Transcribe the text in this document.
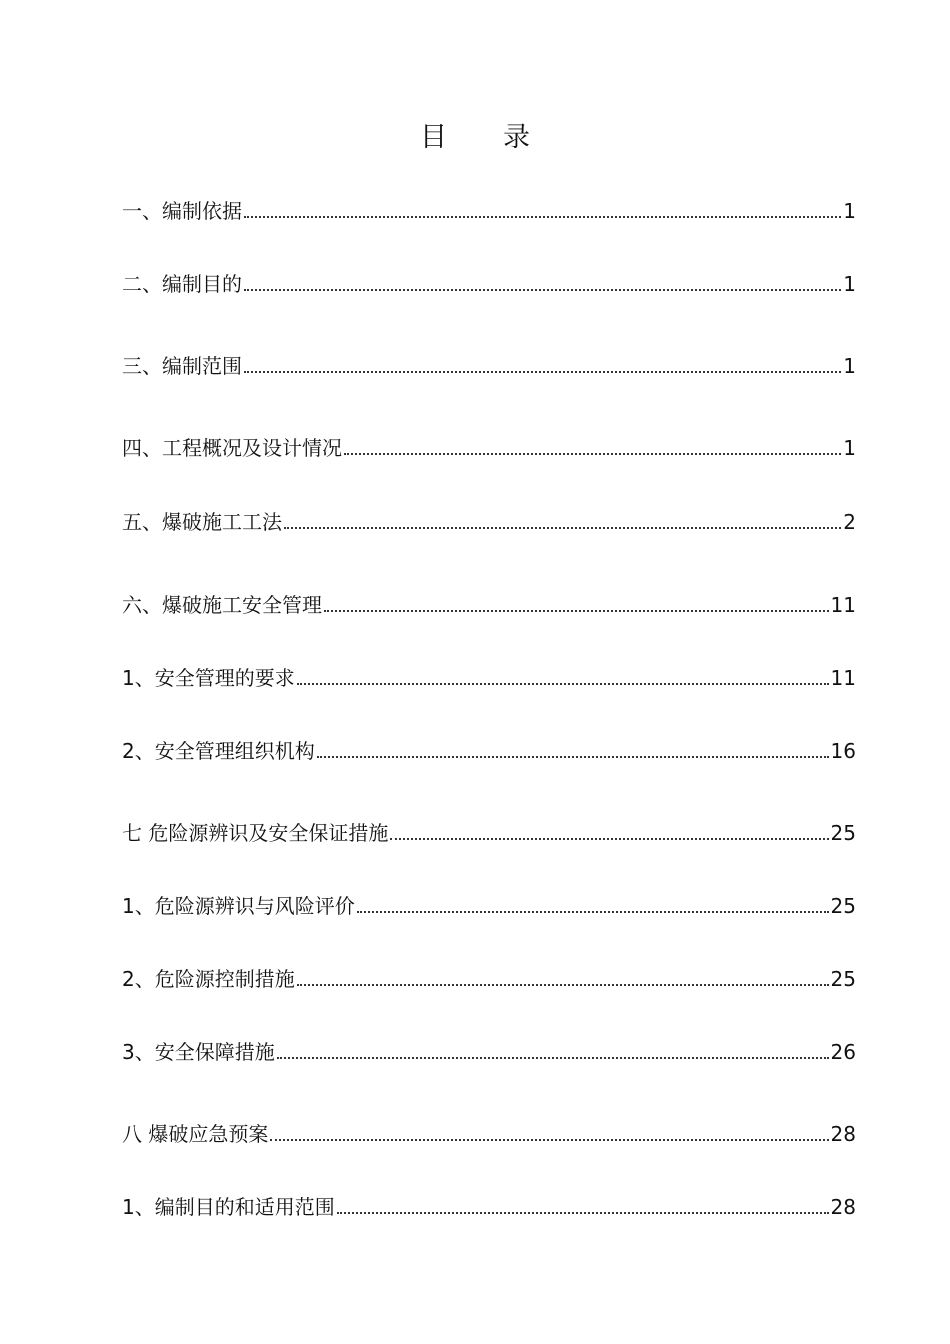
目 录
一、编制依据	1
二、编制目的	1
三、编制范围	1
四、工程概况及设计情况	1
五、爆破施工工法	2
六、爆破施工安全管理	11
1、安全管理的要求	11
2、安全管理组织机构	16
七 危险源辨识及安全保证措施	25
1、危险源辨识与风险评价	25
2、危险源控制措施	25
3、安全保障措施	26
八 爆破应急预案	28
1、编制目的和适用范围	28
